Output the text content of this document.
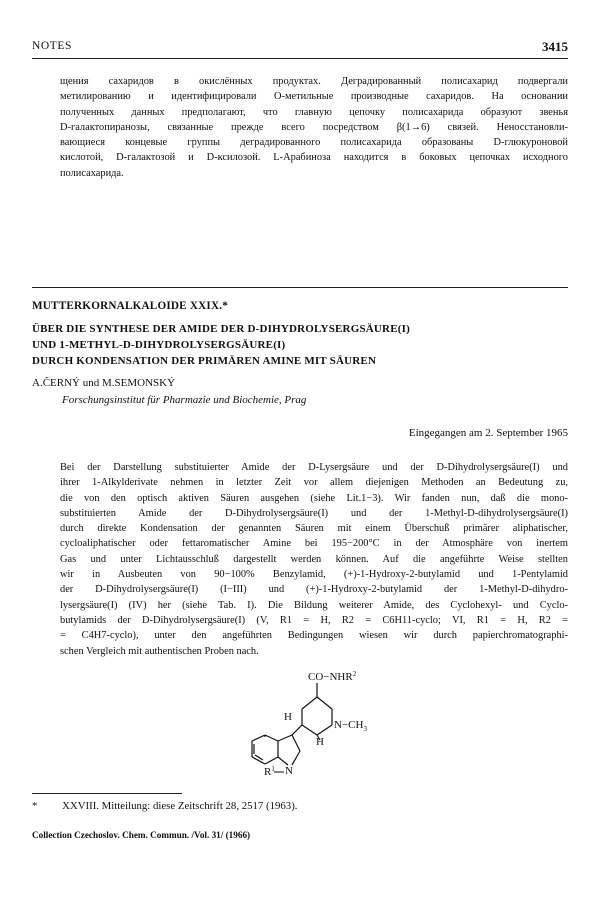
NOTES	3415
щения сахаридов в окислённых продуктах. Деградированный полисахарид подвергали
метилированию и идентифицировали O-метильные производные сахаридов. На основании
полученных данных предполагают, что главную цепочку полисахарида образуют звенья
D-галактопиранозы, связанные прежде всего посредством β(1→6) связей. Неносстановли-
вающиеся концевые группы деградированного полисахарида образованы D-глюкуроновой
кислотой, D-галактозой и D-ксилозой. L-Арабиноза находится в боковых цепочках исходного
полисахарида.
MUTTERKORNALKALOIDE XXIX.*
ÜBER DIE SYNTHESE DER AMIDE DER D-DIHYDROLYSERGSÄURE(I)
UND 1-METHYL-D-DIHYDROLYSERGSÄURE(I)
DURCH KONDENSATION DER PRIMÄREN AMINE MIT SÄUREN
A.ČERNÝ und M.SEMONSKÝ
Forschungsinstitut für Pharmazie und Biochemie, Prag
Eingegangen am 2. September 1965
Bei der Darstellung substituierter Amide der D-Lysergsäure und der D-Dihydrolysergsäure(I) und
ihrer 1-Alkylderivate nehmen in letzter Zeit vor allem diejenigen Methoden an Bedeutung zu,
die von den optisch aktiven Säuren ausgehen (siehe Lit.1−3). Wir fanden nun, daß die mono-
substituierten Amide der D-Dihydrolysergsäure(I) und der 1-Methyl-D-dihydrolysergsäure(I)
durch direkte Kondensation der genannten Säuren mit einem Überschuß primärer aliphatischer,
cycloaliphatischer oder fettaromatischer Amine bei 195−200°C in der Atmosphäre von inertem
Gas und unter Lichtausschluß dargestellt werden können. Auf die angeführte Weise stellten
wir in Ausbeuten von 90−100% Benzylamid, (+)-1-Hydroxy-2-butylamid und 1-Pentylamid
der D-Dihydrolysergsäure(I) (I−III) und (+)-1-Hydroxy-2-butylamid der 1-Methyl-D-dihydro-
lysergsäure(I) (IV) her (siehe Tab. I). Die Bildung weiterer Amide, des Cyclohexyl- und Cyclo-
butylamids der D-Dihydrolysergsäure(I) (V, R1 = H, R2 = C6H11-cyclo; VI, R1 = H, R2 =
= C4H7-cyclo), unter den angeführten Bedingungen wiesen wir durch papierchromatographi-
schen Vergleich mit authentischen Proben nach.
$CO-NHR^2$
$N-CH_3$
H
H
N
$R^1$
* XXVIII. Mitteilung: diese Zeitschrift 28, 2517 (1963).
Collection Czechoslov. Chem. Commun. /Vol. 31/ (1966)
